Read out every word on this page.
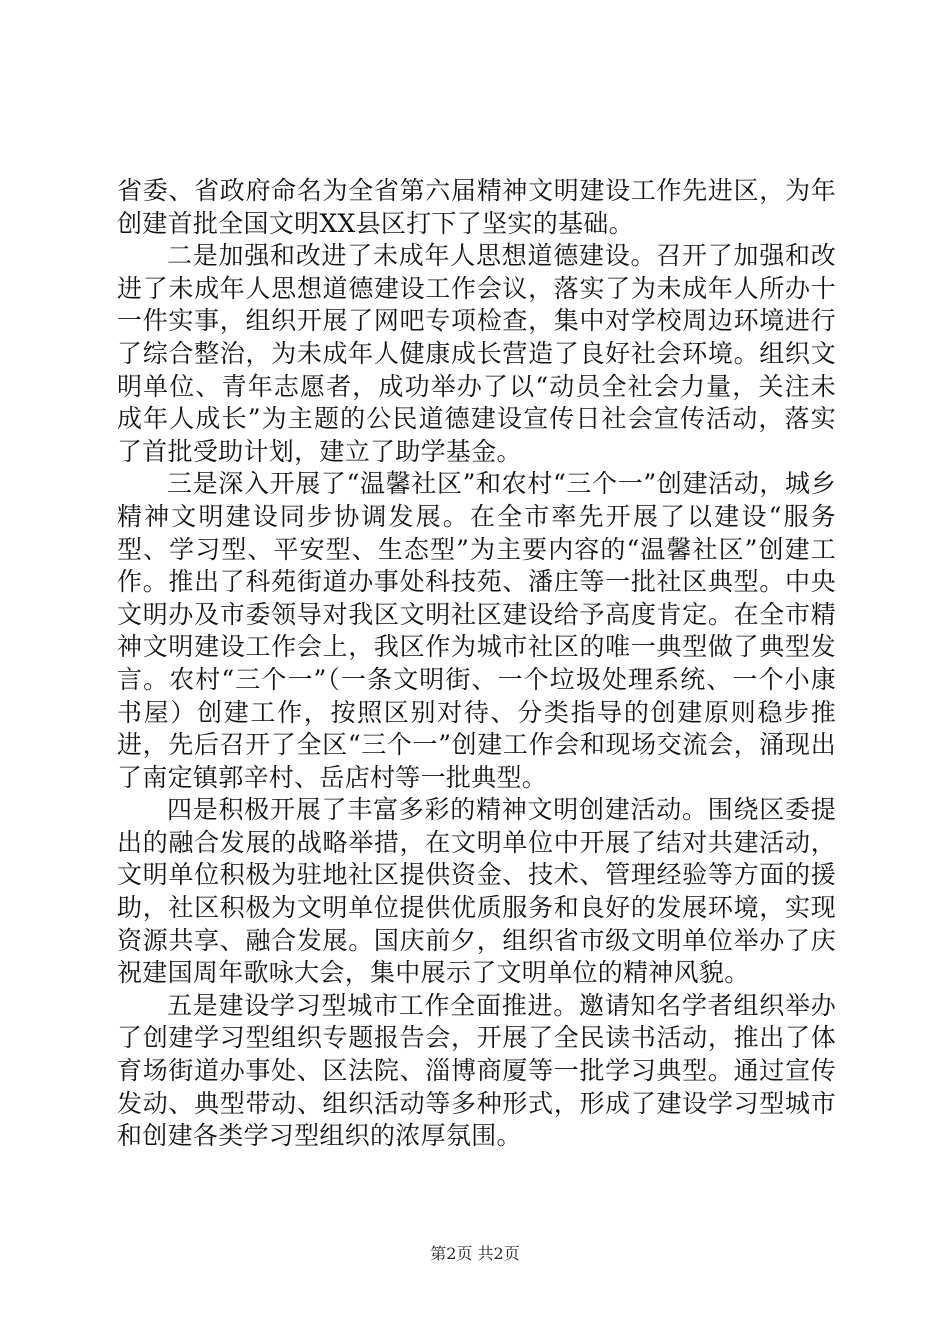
省委、省政府命名为全省第六届精神文明建设工作先进区，为年创建首批全国文明XX县区打下了坚实的基础。

二是加强和改进了未成年人思想道德建设。召开了加强和改进了未成年人思想道德建设工作会议，落实了为未成年人所办十一件实事，组织开展了网吧专项检查，集中对学校周边环境进行了综合整治，为未成年人健康成长营造了良好社会环境。组织文明单位、青年志愿者，成功举办了以“动员全社会力量，关注未成年人成长”为主题的公民道德建设宣传日社会宣传活动，落实了首批受助计划，建立了助学基金。

三是深入开展了“温馨社区”和农村“三个一”创建活动，城乡精神文明建设同步协调发展。在全市率先开展了以建设“服务型、学习型、平安型、生态型”为主要内容的“温馨社区”创建工作。推出了科苑街道办事处科技苑、潘庄等一批社区典型。中央文明办及市委领导对我区文明社区建设给予高度肯定。在全市精神文明建设工作会上，我区作为城市社区的唯一典型做了典型发言。农村“三个一”（一条文明街、一个垃圾处理系统、一个小康书屋）创建工作，按照区别对待、分类指导的创建原则稳步推进，先后召开了全区“三个一”创建工作会和现场交流会，涌现出了南定镇郭辛村、岳店村等一批典型。

四是积极开展了丰富多彩的精神文明创建活动。围绕区委提出的融合发展的战略举措，在文明单位中开展了结对共建活动，文明单位积极为驻地社区提供资金、技术、管理经验等方面的援助，社区积极为文明单位提供优质服务和良好的发展环境，实现资源共享、融合发展。国庆前夕，组织省市级文明单位举办了庆祝建国周年歌咏大会，集中展示了文明单位的精神风貌。

五是建设学习型城市工作全面推进。邀请知名学者组织举办了创建学习型组织专题报告会，开展了全民读书活动，推出了体育场街道办事处、区法院、淄博商厦等一批学习典型。通过宣传发动、典型带动、组织活动等多种形式，形成了建设学习型城市和创建各类学习型组织的浓厚氛围。

第2页 共2页
